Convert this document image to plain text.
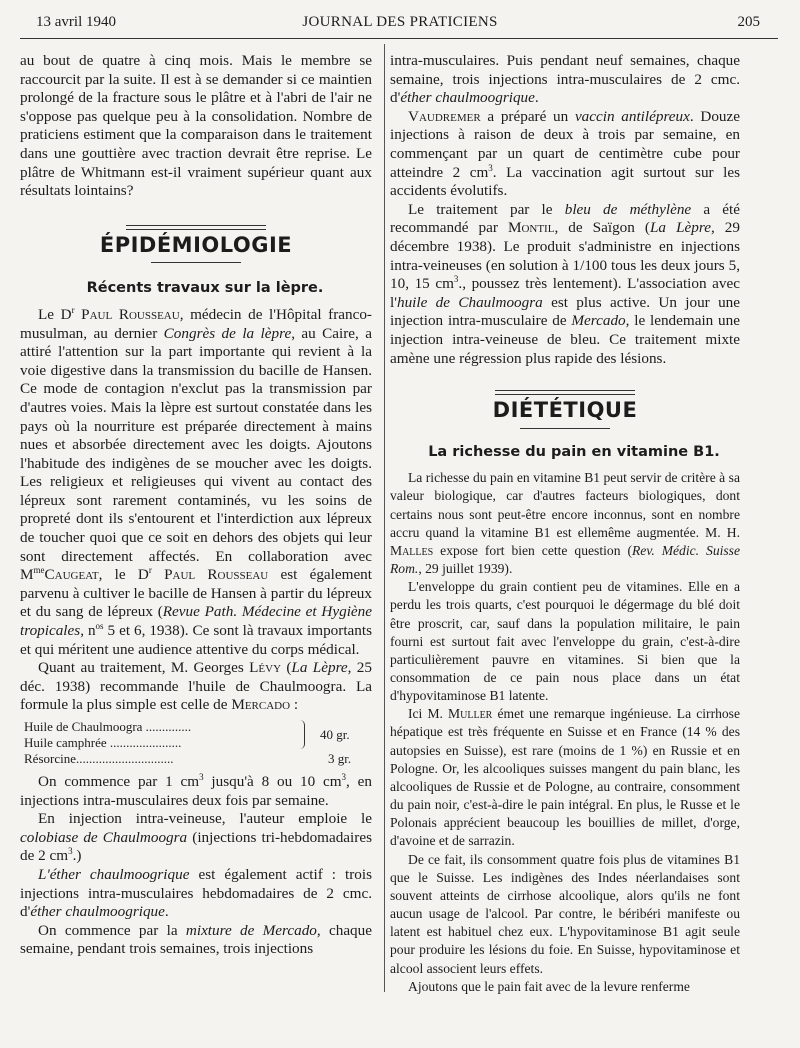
13 avril 1940	JOURNAL DES PRATICIENS	205

au bout de quatre à cinq mois. Mais le membre se raccourcit par la suite. Il est à se demander si ce maintien prolongé de la fracture sous le plâtre et à l'abri de l'air ne s'oppose pas quelque peu à la consolidation. Nombre de praticiens estiment que la comparaison dans le traitement dans une gouttière avec traction devrait être reprise. Le plâtre de Whitmann est-il vraiment supérieur quant aux résultats lointains?

ÉPIDÉMIOLOGIE

Récents travaux sur la lèpre.

Le $D^r$ Paul Rousseau, médecin de l'Hôpital franco-musulman, au dernier Congrès de la lèpre, au Caire, a attiré l'attention sur la part importante qui revient à la voie digestive dans la transmission du bacille de Hansen. Ce mode de contagion n'exclut pas la transmission par d'autres voies. Mais la lèpre est surtout constatée dans les pays où la nourriture est préparée directement à mains nues et absorbée directement avec les doigts. Ajoutons l'habitude des indigènes de se moucher avec les doigts. Les religieux et religieuses qui vivent au contact des lépreux sont rarement contaminés, vu les soins de propreté dont ils s'entourent et l'interdiction aux lépreux de toucher quoi que ce soit en dehors des objets qui leur sont directement affectés. En collaboration avec $M^{me}Caugeat$, le $D^r$ Paul Rousseau est également parvenu à cultiver le bacille de Hansen à partir du lépreux et du sang de lépreux (Revue Path. Médecine et Hygiène tropicales, $n^{os}$ 5 et 6, 1938). Ce sont là travaux importants et qui méritent une audience attentive du corps médical.

Quant au traitement, M. Georges Lévy (La Lèpre, 25 déc. 1938) recommande l'huile de Chaulmoogra. La formule la plus simple est celle de Mercado :

Huile de Chaulmoogra ..............
Huile camphrée ......................
Résorcine..............................
40 gr.
3 gr.

On commence par 1 $cm^3$ jusqu'à 8 ou 10 $cm^3$, en injections intra-musculaires deux fois par semaine.

En injection intra-veineuse, l'auteur emploie le colobiase de Chaulmoogra (injections tri-hebdomadaires de 2 $cm^3$.)

L'éther chaulmoogrique est également actif : trois injections intra-musculaires hebdomadaires de 2 cmc. d'éther chaulmoogrique.

On commence par la mixture de Mercado, chaque semaine, pendant trois semaines, trois injections

intra-musculaires. Puis pendant neuf semaines, chaque semaine, trois injections intra-musculaires de 2 cmc. d'éther chaulmoogrique.

Vaudremer a préparé un vaccin antilépreux. Douze injections à raison de deux à trois par semaine, en commençant par un quart de centimètre cube pour atteindre 2 $cm^3$. La vaccination agit surtout sur les accidents évolutifs.

Le traitement par le bleu de méthylène a été recommandé par Montil, de Saïgon (La Lèpre, 29 décembre 1938). Le produit s'administre en injections intra-veineuses (en solution à 1/100 tous les deux jours 5, 10, 15 $cm^3$., poussez très lentement). L'association avec l'huile de Chaulmoogra est plus active. Un jour une injection intra-musculaire de Mercado, le lendemain une injection intra-veineuse de bleu. Ce traitement mixte amène une régression plus rapide des lésions.

DIÉTÉTIQUE

La richesse du pain en vitamine B1.

La richesse du pain en vitamine B1 peut servir de critère à sa valeur biologique, car d'autres facteurs biologiques, dont certains nous sont peut-être encore inconnus, sont en nombre accru quand la vitamine B1 est ellemême augmentée. M. H. Malles expose fort bien cette question (Rev. Médic. Suisse Rom., 29 juillet 1939).

L'enveloppe du grain contient peu de vitamines. Elle en a perdu les trois quarts, c'est pourquoi le dégermage du blé doit être proscrit, car, sauf dans la population militaire, le pain fourni est surtout fait avec l'enveloppe du grain, c'est-à-dire particulièrement pauvre en vitamines. Si bien que la consommation de ce pain nous place dans un état d'hypovitaminose B1 latente.

Ici M. Muller émet une remarque ingénieuse. La cirrhose hépatique est très fréquente en Suisse et en France (14 % des autopsies en Suisse), est rare (moins de 1 %) en Russie et en Pologne. Or, les alcooliques suisses mangent du pain blanc, les alcooliques de Russie et de Pologne, au contraire, consomment du pain noir, c'est-à-dire le pain intégral. En plus, le Russe et le Polonais apprécient beaucoup les bouillies de millet, d'orge, d'avoine et de sarrazin.

De ce fait, ils consomment quatre fois plus de vitamines B1 que le Suisse. Les indigènes des Indes néerlandaises sont souvent atteints de cirrhose alcoolique, alors qu'ils ne font aucun usage de l'alcool. Par contre, le béribéri manifeste ou latent est habituel chez eux. L'hypovitaminose B1 agit seule pour produire les lésions du foie. En Suisse, hypovitaminose et alcool associent leurs effets.

Ajoutons que le pain fait avec de la levure renferme
